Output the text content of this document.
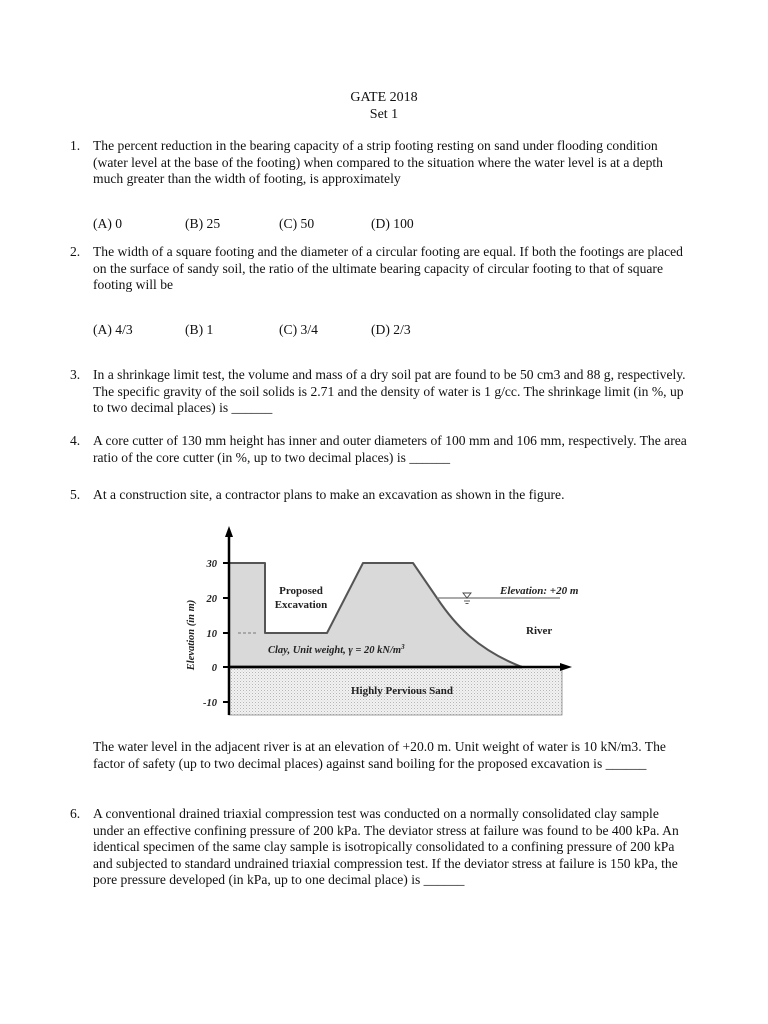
GATE 2018
Set 1
1. The percent reduction in the bearing capacity of a strip footing resting on sand under flooding condition (water level at the base of the footing) when compared to the situation where the water level is at a depth much greater than the width of footing, is approximately
(A) 0	(B) 25	(C) 50	(D) 100
2. The width of a square footing and the diameter of a circular footing are equal. If both the footings are placed on the surface of sandy soil, the ratio of the ultimate bearing capacity of circular footing to that of square footing will be
(A) 4/3	(B) 1	(C) 3/4	(D) 2/3
3. In a shrinkage limit test, the volume and mass of a dry soil pat are found to be 50 cm3 and 88 g, respectively. The specific gravity of the soil solids is 2.71 and the density of water is 1 g/cc. The shrinkage limit (in %, up to two decimal places) is ______
4. A core cutter of 130 mm height has inner and outer diameters of 100 mm and 106 mm, respectively. The area ratio of the core cutter (in %, up to two decimal places) is ______
5. At a construction site, a contractor plans to make an excavation as shown in the figure.
30
20
10
0
-10
Elevation (in m)
Proposed
Excavation
Clay, Unit weight, γ = 20 $kN/m^3$
Highly Pervious Sand
Elevation: +20 m
River
The water level in the adjacent river is at an elevation of +20.0 m. Unit weight of water is 10 kN/m3. The factor of safety (up to two decimal places) against sand boiling for the proposed excavation is ______
6. A conventional drained triaxial compression test was conducted on a normally consolidated clay sample under an effective confining pressure of 200 kPa. The deviator stress at failure was found to be 400 kPa. An identical specimen of the same clay sample is isotropically consolidated to a confining pressure of 200 kPa and subjected to standard undrained triaxial compression test. If the deviator stress at failure is 150 kPa, the pore pressure developed (in kPa, up to one decimal place) is ______
